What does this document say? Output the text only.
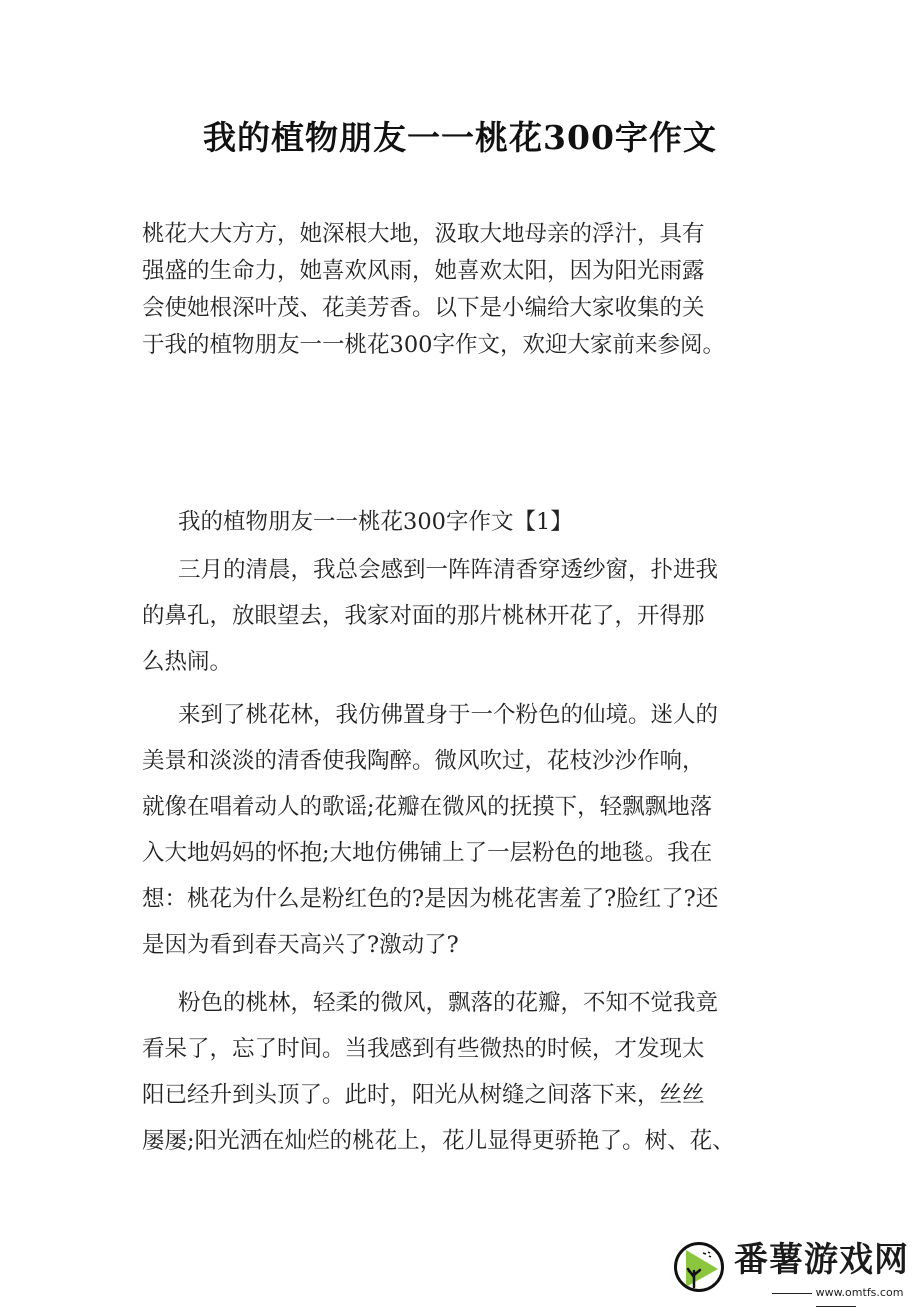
我的植物朋友一一桃花300字作文
桃花大大方方，她深根大地，汲取大地母亲的浮汁，具有
强盛的生命力，她喜欢风雨，她喜欢太阳，因为阳光雨露
会使她根深叶茂、花美芳香。以下是小编给大家收集的关
于我的植物朋友一一桃花300字作文，欢迎大家前来参阅。
我的植物朋友一一桃花300字作文【1】
三月的清晨，我总会感到一阵阵清香穿透纱窗，扑进我
的鼻孔，放眼望去，我家对面的那片桃林开花了，开得那
么热闹。
来到了桃花林，我仿佛置身于一个粉色的仙境。迷人的
美景和淡淡的清香使我陶醉。微风吹过，花枝沙沙作响，
就像在唱着动人的歌谣;花瓣在微风的抚摸下，轻飘飘地落
入大地妈妈的怀抱;大地仿佛铺上了一层粉色的地毯。我在
想：桃花为什么是粉红色的?是因为桃花害羞了?脸红了?还
是因为看到春天高兴了?激动了?
粉色的桃林，轻柔的微风，飘落的花瓣，不知不觉我竟
看呆了，忘了时间。当我感到有些微热的时候，才发现太
阳已经升到头顶了。此时，阳光从树缝之间落下来，丝丝
屡屡;阳光洒在灿烂的桃花上，花儿显得更骄艳了。树、花、
番薯游戏网
www.omtfs.com
